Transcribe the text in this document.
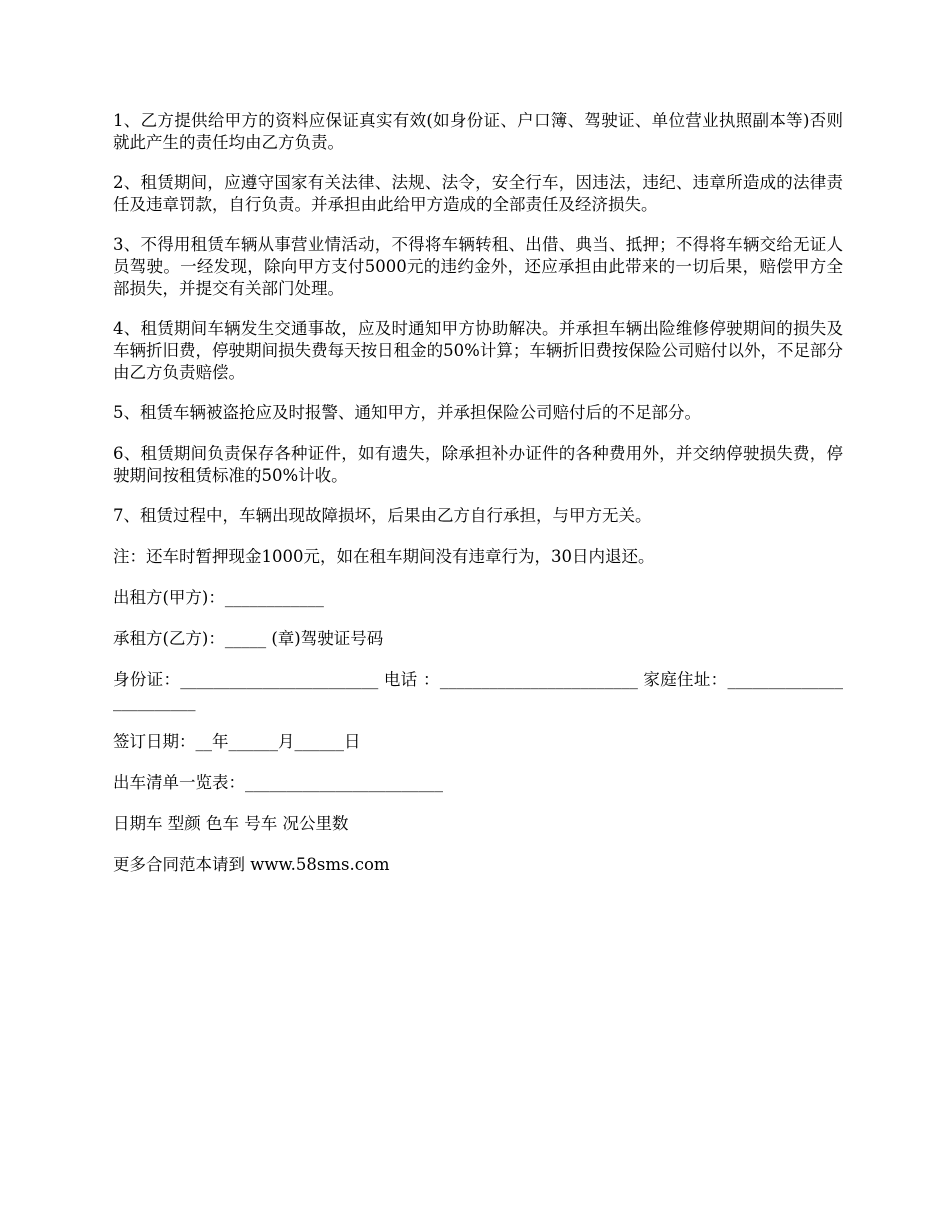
1、乙方提供给甲方的资料应保证真实有效(如身份证、户口簿、驾驶证、单位营业执照副本等)否则就此产生的责任均由乙方负责。

2、租赁期间，应遵守国家有关法律、法规、法令，安全行车，因违法，违纪、违章所造成的法律责任及违章罚款，自行负责。并承担由此给甲方造成的全部责任及经济损失。

3、不得用租赁车辆从事营业情活动，不得将车辆转租、出借、典当、抵押；不得将车辆交给无证人员驾驶。一经发现，除向甲方支付5000元的违约金外，还应承担由此带来的一切后果，赔偿甲方全部损失，并提交有关部门处理。

4、租赁期间车辆发生交通事故，应及时通知甲方协助解决。并承担车辆出险维修停驶期间的损失及车辆折旧费，停驶期间损失费每天按日租金的50%计算；车辆折旧费按保险公司赔付以外，不足部分由乙方负责赔偿。

5、租赁车辆被盗抢应及时报警、通知甲方，并承担保险公司赔付后的不足部分。

6、租赁期间负责保存各种证件，如有遗失，除承担补办证件的各种费用外，并交纳停驶损失费，停驶期间按租赁标准的50%计收。

7、租赁过程中，车辆出现故障损坏，后果由乙方自行承担，与甲方无关。

注：还车时暂押现金1000元，如在租车期间没有违章行为，30日内退还。

出租方(甲方)：____________

承租方(乙方)：_____ (章)驾驶证号码

身份证：________________________ 电话 ：________________________ 家庭住址：________________________

签订日期：__年______月______日

出车清单一览表：________________________

日期车 型颜 色车 号车 况公里数

更多合同范本请到 www.58sms.com
